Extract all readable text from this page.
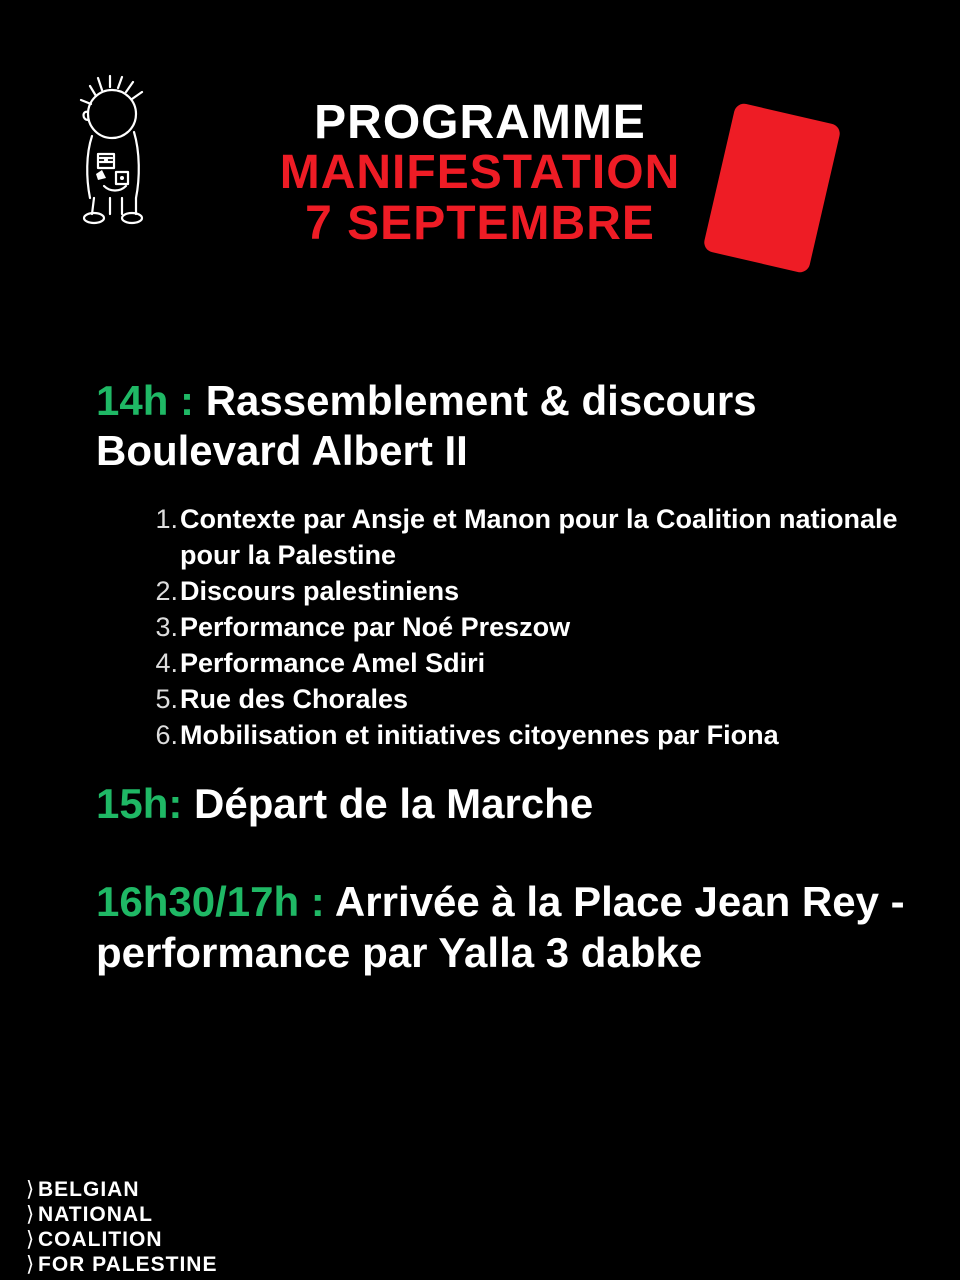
PROGRAMME
MANIFESTATION
7 SEPTEMBRE

14h : Rassemblement & discours Boulevard Albert II

1 . Contexte par Ansje et Manon pour la Coalition nationale pour la Palestine
2 . Discours palestiniens
3 . Performance par Noé Preszow
4 . Performance Amel Sdiri
5 . Rue des Chorales
6 . Mobilisation et initiatives citoyennes par Fiona

15h: Départ de la Marche

16h30/17h : Arrivée à la Place Jean Rey - performance par Yalla 3 dabke

⟩ BELGIAN
⟩ NATIONAL
⟩ COALITION
⟩ FOR PALESTINE
